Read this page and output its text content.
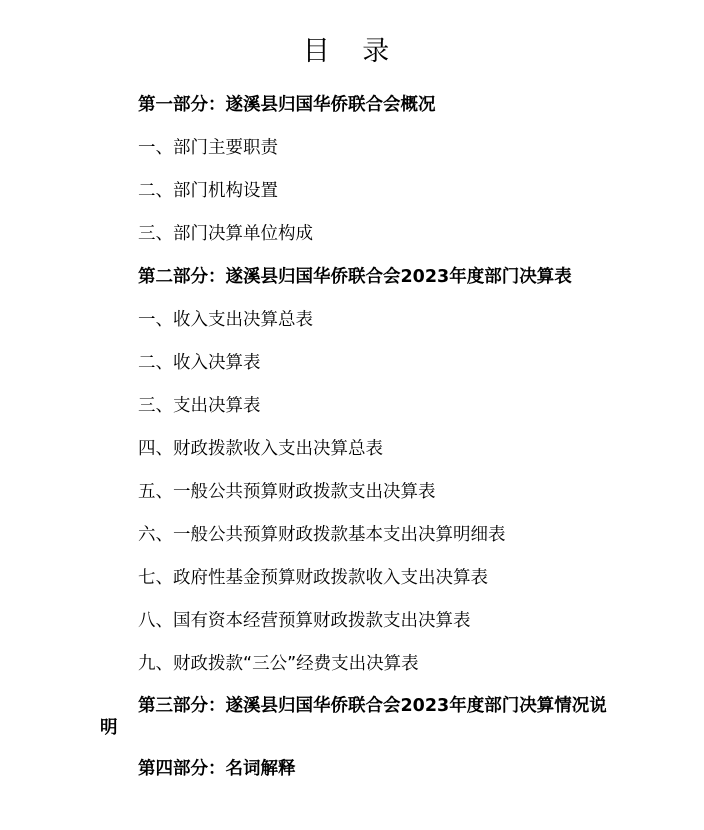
目 录
第一部分：遂溪县归国华侨联合会概况
一、部门主要职责
二、部门机构设置
三、部门决算单位构成
第二部分：遂溪县归国华侨联合会2023年度部门决算表
一、收入支出决算总表
二、收入决算表
三、支出决算表
四、财政拨款收入支出决算总表
五、一般公共预算财政拨款支出决算表
六、一般公共预算财政拨款基本支出决算明细表
七、政府性基金预算财政拨款收入支出决算表
八、国有资本经营预算财政拨款支出决算表
九、财政拨款“三公”经费支出决算表
第三部分：遂溪县归国华侨联合会2023年度部门决算情况说明
第四部分：名词解释
